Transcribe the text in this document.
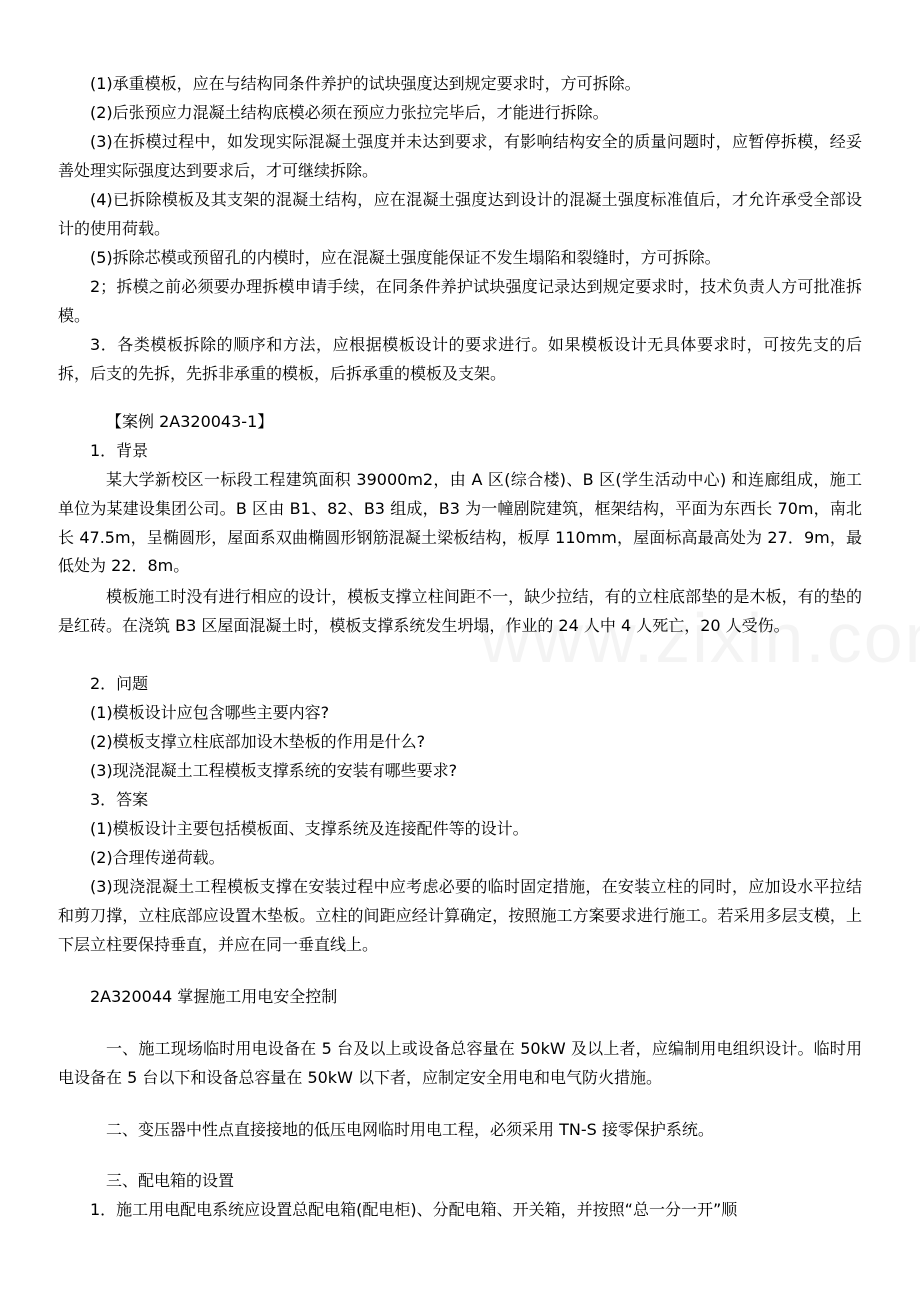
(1)承重模板，应在与结构同条件养护的试块强度达到规定要求时，方可拆除。

(2)后张预应力混凝土结构底模必须在预应力张拉完毕后，才能进行拆除。

(3)在拆模过程中，如发现实际混凝土强度并未达到要求，有影响结构安全的质量问题时，应暂停拆模，经妥善处理实际强度达到要求后，才可继续拆除。

(4)已拆除模板及其支架的混凝土结构，应在混凝土强度达到设计的混凝土强度标准值后，才允许承受全部设计的使用荷载。

(5)拆除芯模或预留孔的内模时，应在混凝土强度能保证不发生塌陷和裂缝时，方可拆除。

2；拆模之前必须要办理拆模申请手续，在同条件养护试块强度记录达到规定要求时，技术负责人方可批准拆模。

3．各类模板拆除的顺序和方法，应根据模板设计的要求进行。如果模板设计无具体要求时，可按先支的后拆，后支的先拆，先拆非承重的模板，后拆承重的模板及支架。

【案例 2A320043-1】

1．背景

某大学新校区一标段工程建筑面积 39000m2，由 A 区(综合楼)、B 区(学生活动中心) 和连廊组成，施工单位为某建设集团公司。B 区由 B1、82、B3 组成，B3 为一幢剧院建筑，框架结构，平面为东西长 70m，南北长 47.5m，呈椭圆形，屋面系双曲椭圆形钢筋混凝土梁板结构，板厚 110mm，屋面标高最高处为 27．9m，最低处为 22．8m。

模板施工时没有进行相应的设计，模板支撑立柱间距不一，缺少拉结，有的立柱底部垫的是木板，有的垫的是红砖。在浇筑 B3 区屋面混凝土时，模板支撑系统发生坍塌，作业的 24 人中 4 人死亡，20 人受伤。

2．问题

(1)模板设计应包含哪些主要内容?

(2)模板支撑立柱底部加设木垫板的作用是什么?

(3)现浇混凝土工程模板支撑系统的安装有哪些要求?

3．答案

(1)模板设计主要包括模板面、支撑系统及连接配件等的设计。

(2)合理传递荷载。

(3)现浇混凝土工程模板支撑在安装过程中应考虑必要的临时固定措施，在安装立柱的同时，应加设水平拉结和剪刀撑，立柱底部应设置木垫板。立柱的间距应经计算确定，按照施工方案要求进行施工。若采用多层支模，上下层立柱要保持垂直，并应在同一垂直线上。

2A320044 掌握施工用电安全控制

一、施工现场临时用电设备在 5 台及以上或设备总容量在 50kW 及以上者，应编制用电组织设计。临时用电设备在 5 台以下和设备总容量在 50kW 以下者，应制定安全用电和电气防火措施。

二、变压器中性点直接接地的低压电网临时用电工程，必须采用 TN-S 接零保护系统。

三、配电箱的设置

1．施工用电配电系统应设置总配电箱(配电柜)、分配电箱、开关箱，并按照“总一分一开”顺
